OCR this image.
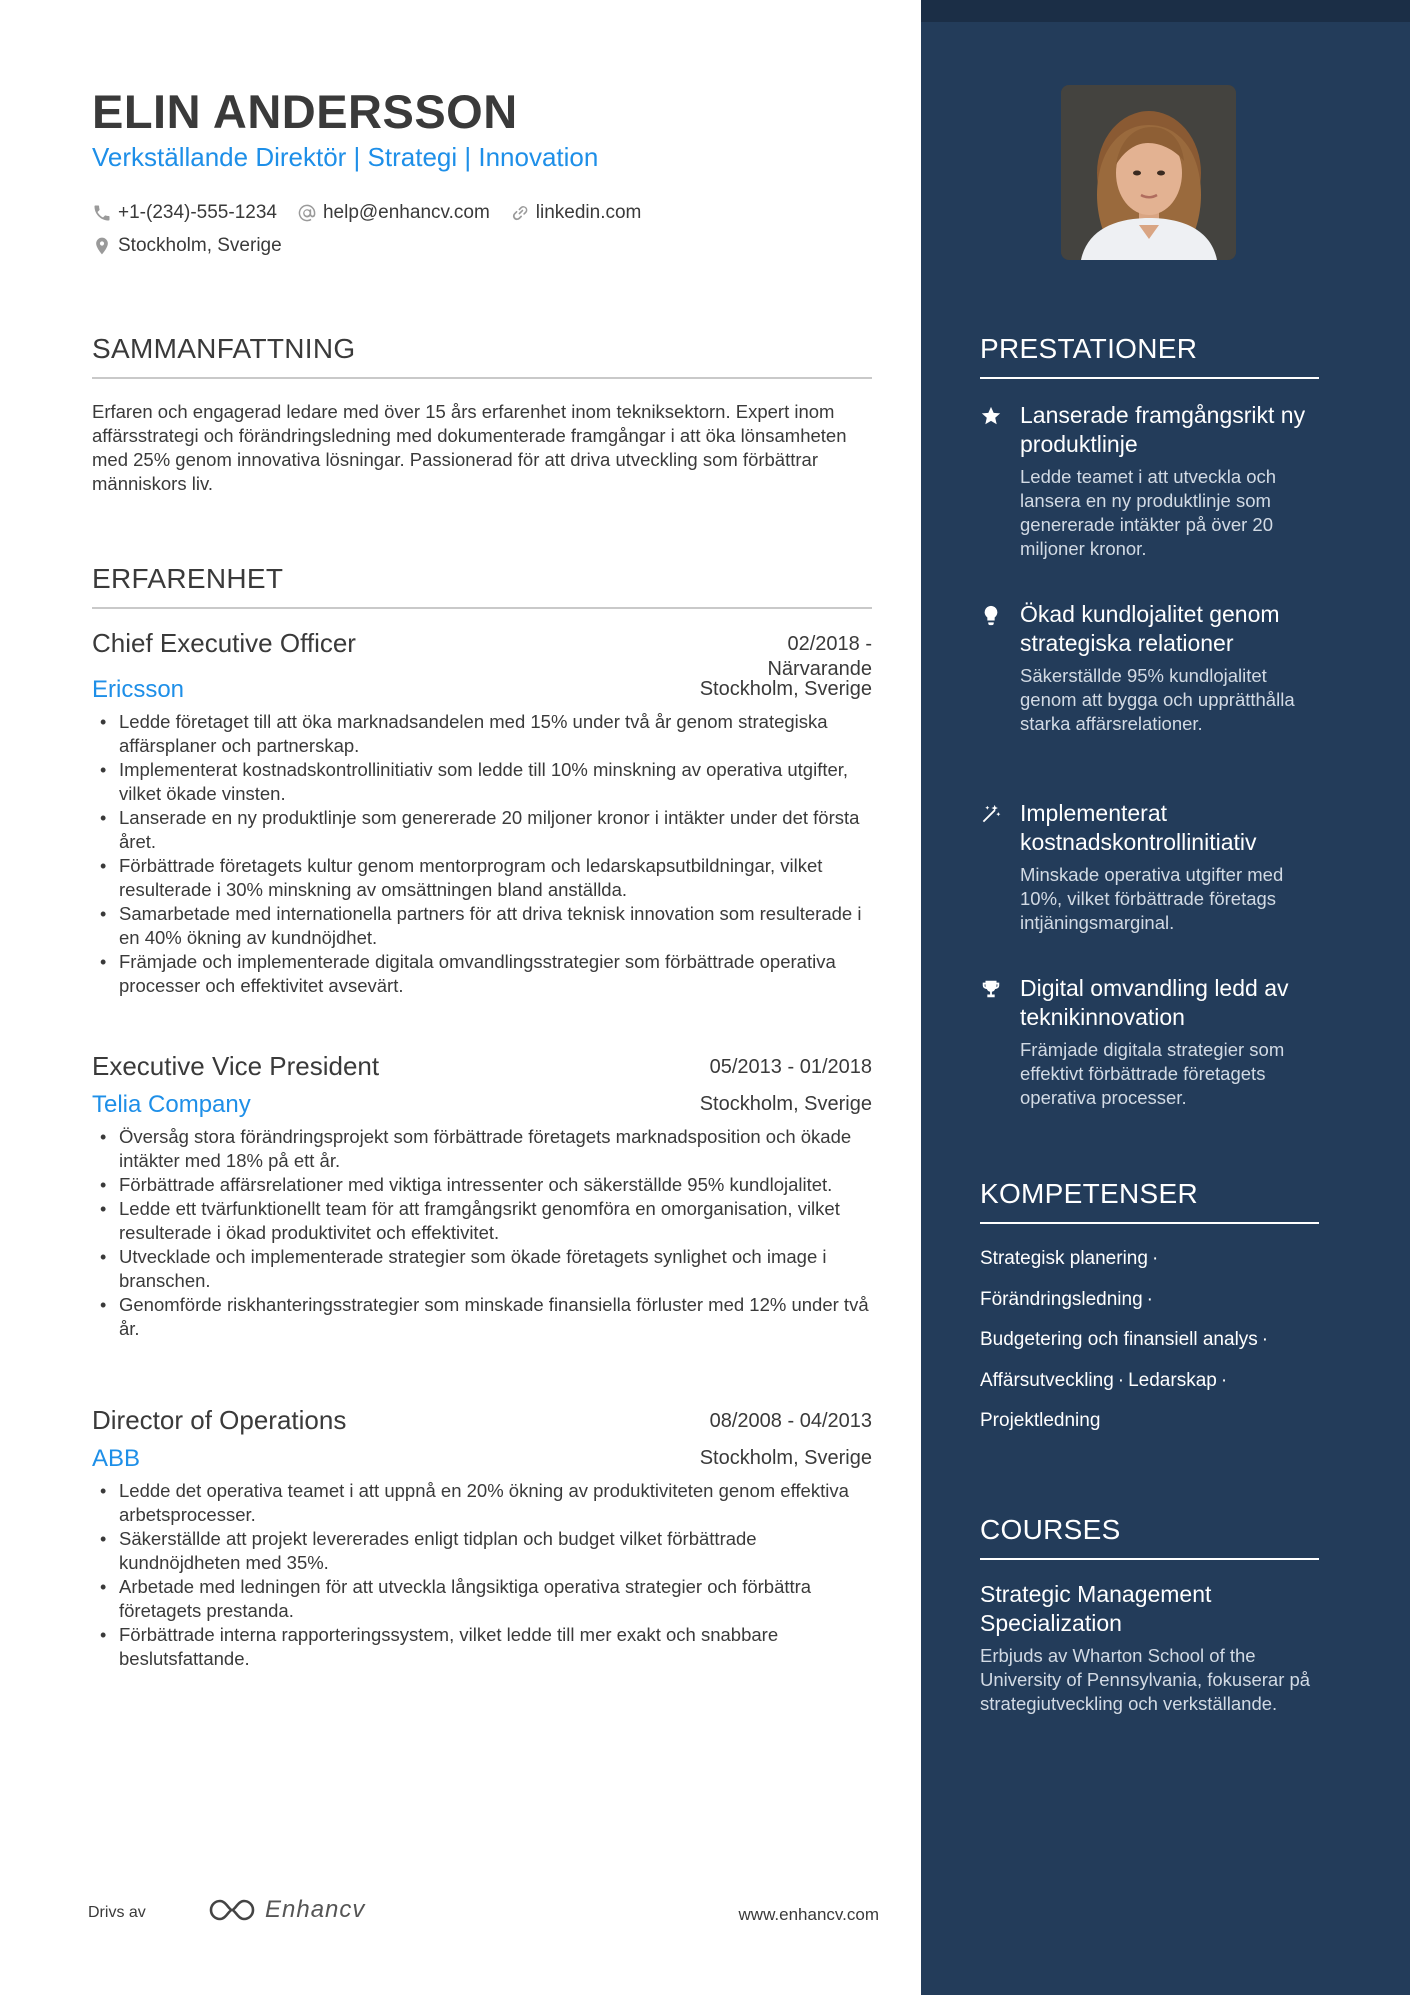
ELIN ANDERSSON
Verkställande Direktör | Strategi | Innovation
+1-(234)-555-1234 help@enhancv.com linkedin.com
Stockholm, Sverige
SAMMANFATTNING
Erfaren och engagerad ledare med över 15 års erfarenhet inom tekniksektorn. Expert inom affärsstrategi och förändringsledning med dokumenterade framgångar i att öka lönsamheten med 25% genom innovativa lösningar. Passionerad för att driva utveckling som förbättrar människors liv.
ERFARENHET
Chief Executive Officer	02/2018 -
Närvarande
Ericsson	Stockholm, Sverige
• Ledde företaget till att öka marknadsandelen med 15% under två år genom strategiska affärsplaner och partnerskap.
• Implementerat kostnadskontrollinitiativ som ledde till 10% minskning av operativa utgifter, vilket ökade vinsten.
• Lanserade en ny produktlinje som genererade 20 miljoner kronor i intäkter under det första året.
• Förbättrade företagets kultur genom mentorprogram och ledarskapsutbildningar, vilket resulterade i 30% minskning av omsättningen bland anställda.
• Samarbetade med internationella partners för att driva teknisk innovation som resulterade i en 40% ökning av kundnöjdhet.
• Främjade och implementerade digitala omvandlingsstrategier som förbättrade operativa processer och effektivitet avsevärt.
Executive Vice President	05/2013 - 01/2018
Telia Company	Stockholm, Sverige
• Översåg stora förändringsprojekt som förbättrade företagets marknadsposition och ökade intäkter med 18% på ett år.
• Förbättrade affärsrelationer med viktiga intressenter och säkerställde 95% kundlojalitet.
• Ledde ett tvärfunktionellt team för att framgångsrikt genomföra en omorganisation, vilket resulterade i ökad produktivitet och effektivitet.
• Utvecklade och implementerade strategier som ökade företagets synlighet och image i branschen.
• Genomförde riskhanteringsstrategier som minskade finansiella förluster med 12% under två år.
Director of Operations	08/2008 - 04/2013
ABB	Stockholm, Sverige
• Ledde det operativa teamet i att uppnå en 20% ökning av produktiviteten genom effektiva arbetsprocesser.
• Säkerställde att projekt levererades enligt tidplan och budget vilket förbättrade kundnöjdheten med 35%.
• Arbetade med ledningen för att utveckla långsiktiga operativa strategier och förbättra företagets prestanda.
• Förbättrade interna rapporteringssystem, vilket ledde till mer exakt och snabbare beslutsfattande.
Drivs av	Enhancv	www.enhancv.com
PRESTATIONER
Lanserade framgångsrikt ny produktlinje
Ledde teamet i att utveckla och lansera en ny produktlinje som genererade intäkter på över 20 miljoner kronor.
Ökad kundlojalitet genom strategiska relationer
Säkerställde 95% kundlojalitet genom att bygga och upprätthålla starka affärsrelationer.
Implementerat kostnadskontrollinitiativ
Minskade operativa utgifter med 10%, vilket förbättrade företags intjäningsmarginal.
Digital omvandling ledd av teknikinnovation
Främjade digitala strategier som effektivt förbättrade företagets operativa processer.
KOMPETENSER
Strategisk planering ·
Förändringsledning ·
Budgetering och finansiell analys ·
Affärsutveckling · Ledarskap ·
Projektledning
COURSES
Strategic Management Specialization
Erbjuds av Wharton School of the University of Pennsylvania, fokuserar på strategiutveckling och verkställande.
